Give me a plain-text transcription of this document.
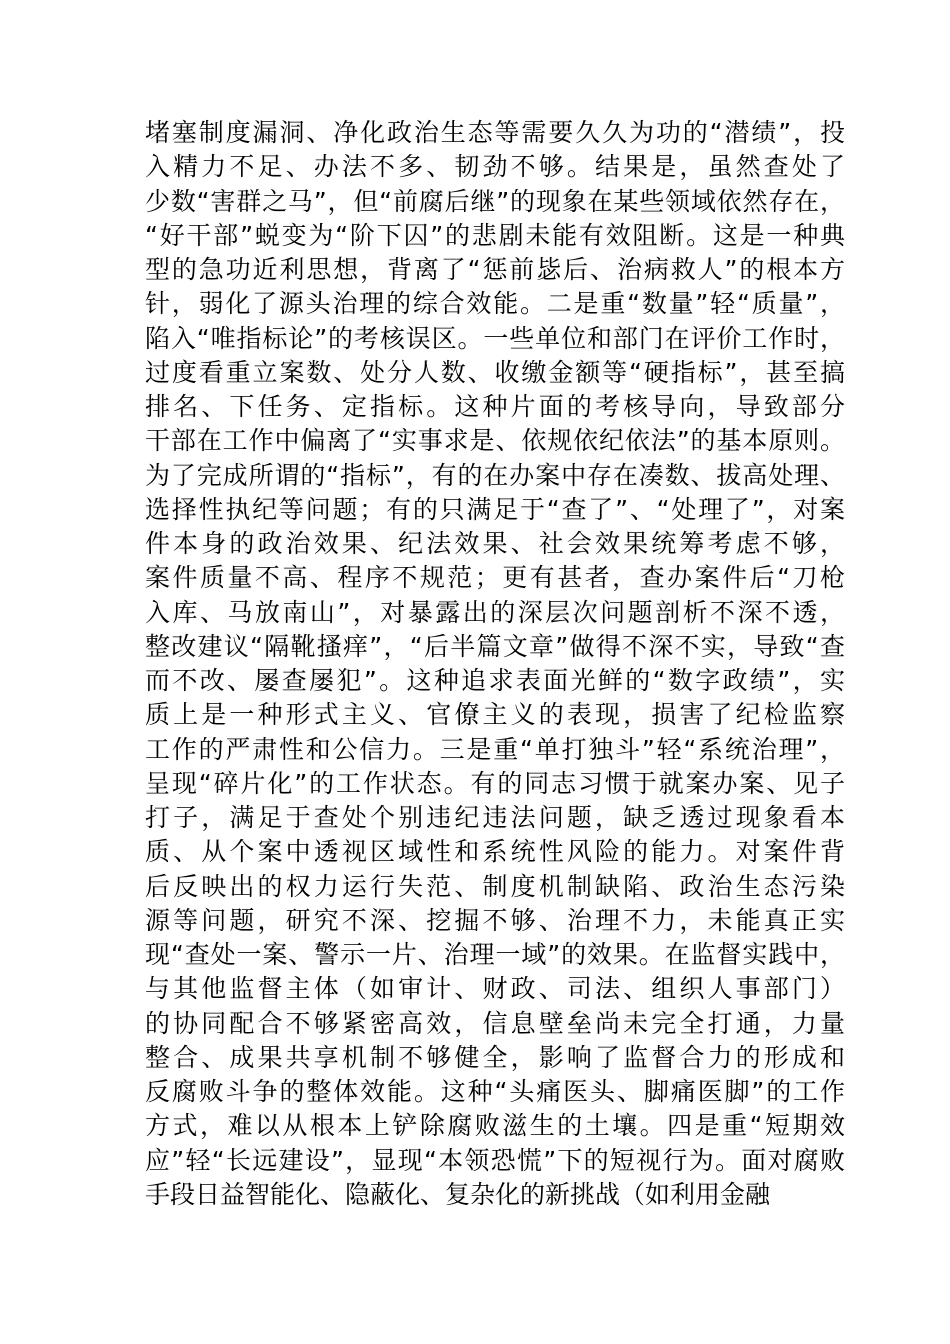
堵塞制度漏洞、净化政治生态等需要久久为功的“潜绩”，投
入精力不足、办法不多、韧劲不够。结果是，虽然查处了
少数“害群之马”，但“前腐后继”的现象在某些领域依然存在，
“好干部”蜕变为“阶下囚”的悲剧未能有效阻断。这是一种典
型的急功近利思想，背离了“惩前毖后、治病救人”的根本方
针，弱化了源头治理的综合效能。二是重“数量”轻“质量”，
陷入“唯指标论”的考核误区。一些单位和部门在评价工作时，
过度看重立案数、处分人数、收缴金额等“硬指标”，甚至搞
排名、下任务、定指标。这种片面的考核导向，导致部分
干部在工作中偏离了“实事求是、依规依纪依法”的基本原则。
为了完成所谓的“指标”，有的在办案中存在凑数、拔高处理、
选择性执纪等问题；有的只满足于“查了”、“处理了”，对案
件本身的政治效果、纪法效果、社会效果统筹考虑不够，
案件质量不高、程序不规范；更有甚者，查办案件后“刀枪
入库、马放南山”，对暴露出的深层次问题剖析不深不透，
整改建议“隔靴搔痒”，“后半篇文章”做得不深不实，导致“查
而不改、屡查屡犯”。这种追求表面光鲜的“数字政绩”，实
质上是一种形式主义、官僚主义的表现，损害了纪检监察
工作的严肃性和公信力。三是重“单打独斗”轻“系统治理”，
呈现“碎片化”的工作状态。有的同志习惯于就案办案、见子
打子，满足于查处个别违纪违法问题，缺乏透过现象看本
质、从个案中透视区域性和系统性风险的能力。对案件背
后反映出的权力运行失范、制度机制缺陷、政治生态污染
源等问题，研究不深、挖掘不够、治理不力，未能真正实
现“查处一案、警示一片、治理一域”的效果。在监督实践中，
与其他监督主体（如审计、财政、司法、组织人事部门）
的协同配合不够紧密高效，信息壁垒尚未完全打通，力量
整合、成果共享机制不够健全，影响了监督合力的形成和
反腐败斗争的整体效能。这种“头痛医头、脚痛医脚”的工作
方式，难以从根本上铲除腐败滋生的土壤。四是重“短期效
应”轻“长远建设”，显现“本领恐慌”下的短视行为。面对腐败
手段日益智能化、隐蔽化、复杂化的新挑战（如利用金融
